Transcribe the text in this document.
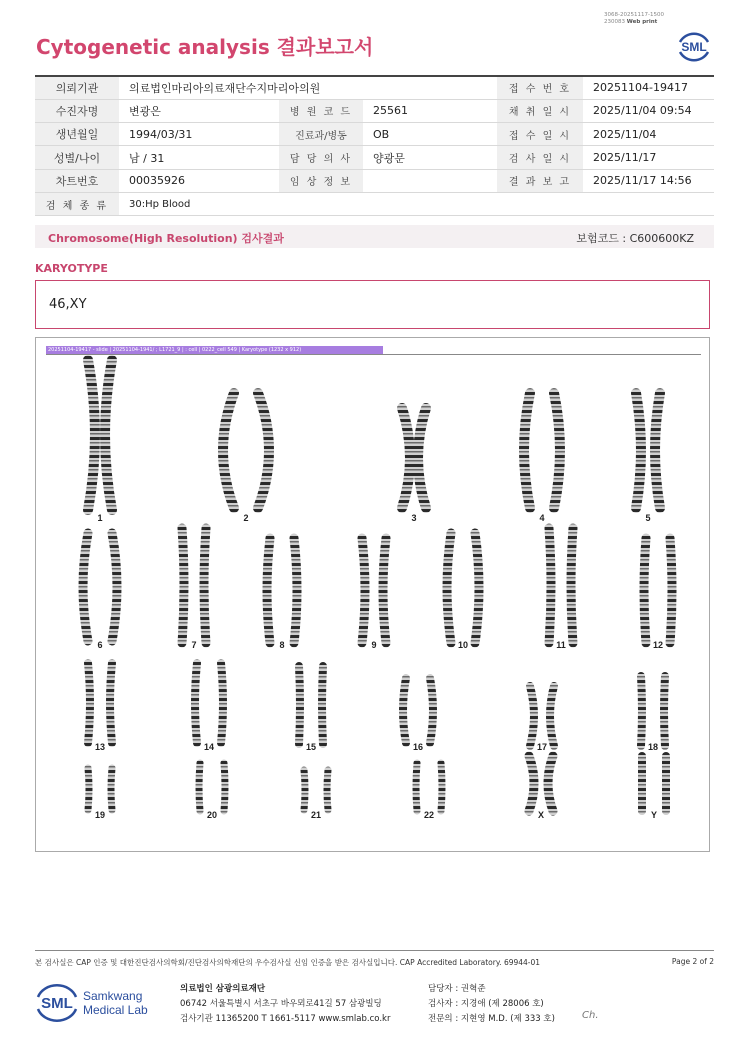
3068-20251117-1500
230083 Web print
Cytogenetic analysis 결과보고서	SML
의뢰기관	의료법인마리아의료재단수지마리아의원			접 수 번 호	20251104-19417
수진자명	변광은	병 원 코 드	25561	채 취 일 시	2025/11/04 09:54
생년월일	1994/03/31	진료과/병동	OB	접 수 일 시	2025/11/04
성별/나이	남 / 31	담 당 의 사	양광문	검 사 일 시	2025/11/17
차트번호	00035926	임 상 정 보		결 과 보 고	2025/11/17 14:56
검 체 종 류	30:Hp Blood				
Chromosome(High Resolution) 검사결과	보험코드 : C600600KZ
KARYOTYPE
46,XY
20251104-19417 - slide | 20251104-1941/ ; L1721_9 | : cell | 0222_cell 549 | Karyotype (1232 x 912)
1	2	3	4	5
6	7	8	9	10	11	12
13	14	15	16	17	18
19	20	21	22	X	Y
본 검사실은 CAP 인증 및 대한진단검사의학회/진단검사의학재단의 우수검사실 신임 인증을 받은 검사실입니다. CAP Accredited Laboratory. 69944-01	Page 2 of 2
SML Samkwang
Medical Lab
의료법인 삼광의료재단
06742 서울특별시 서초구 바우뫼로41길 57 삼광빌딩
검사기관 11365200 T 1661-5117 www.smlab.co.kr
담당자 : 권혁준
검사자 : 지경애 (제 28006 호)
전문의 : 지현영 M.D. (제 333 호)	Ch.
